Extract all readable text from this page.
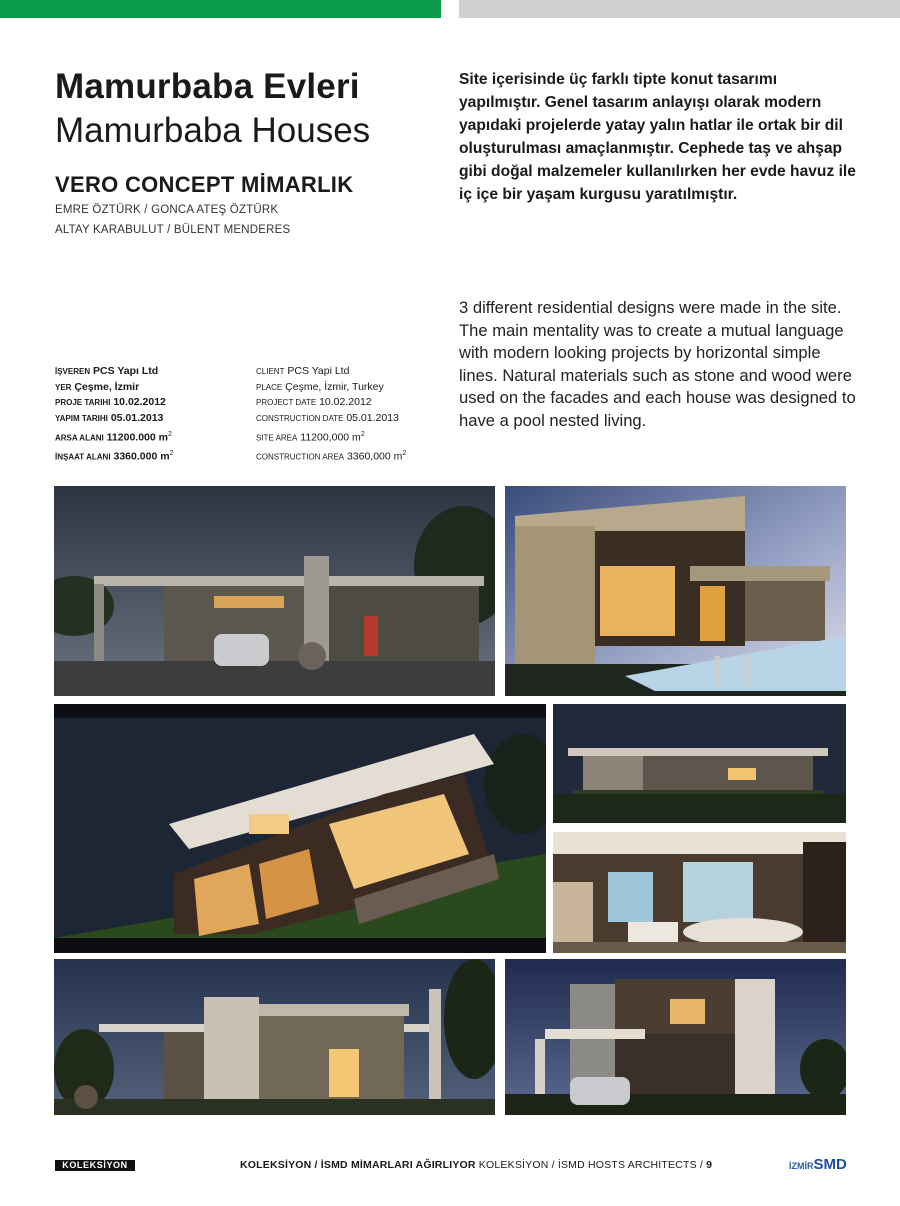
Mamurbaba Evleri
Mamurbaba Houses
VERO CONCEPT MİMARLIK
EMRE ÖZTÜRK / GONCA ATEŞ ÖZTÜRK
ALTAY KARABULUT / BÜLENT MENDERES

Site içerisinde üç farklı tipte konut tasarımı yapılmıştır. Genel tasarım anlayışı olarak modern yapıdaki projelerde yatay yalın hatlar ile ortak bir dil oluşturulması amaçlanmıştır. Cephede taş ve ahşap gibi doğal malzemeler kullanılırken her evde havuz ile iç içe bir yaşam kurgusu yaratılmıştır.

3 different residential designs were made in the site. The main mentality was to create a mutual language with modern looking projects by horizontal simple lines. Natural materials such as stone and wood were used on the facades and each house was designed to have a pool nested living.

İŞVEREN PCS Yapı Ltd
YER Çeşme, İzmir
PROJE TARIHI 10.02.2012
YAPIM TARIHI 05.01.2013
ARSA ALANI 11200.000 $m^2$
İNŞAAT ALANI 3360.000 $m^2$
CLIENT PCS Yapi Ltd
PLACE Çeşme, İzmir, Turkey
PROJECT DATE 10.02.2012
CONSTRUCTION DATE 05.01.2013
SITE AREA 11200,000 $m^2$
CONSTRUCTION AREA 3360,000 $m^2$
KOLEKSİYON	KOLEKSİYON / İSMD MİMARLARI AĞIRLIYOR KOLEKSİYON / İSMD HOSTS ARCHITECTS / 9	İZMİRSMD
